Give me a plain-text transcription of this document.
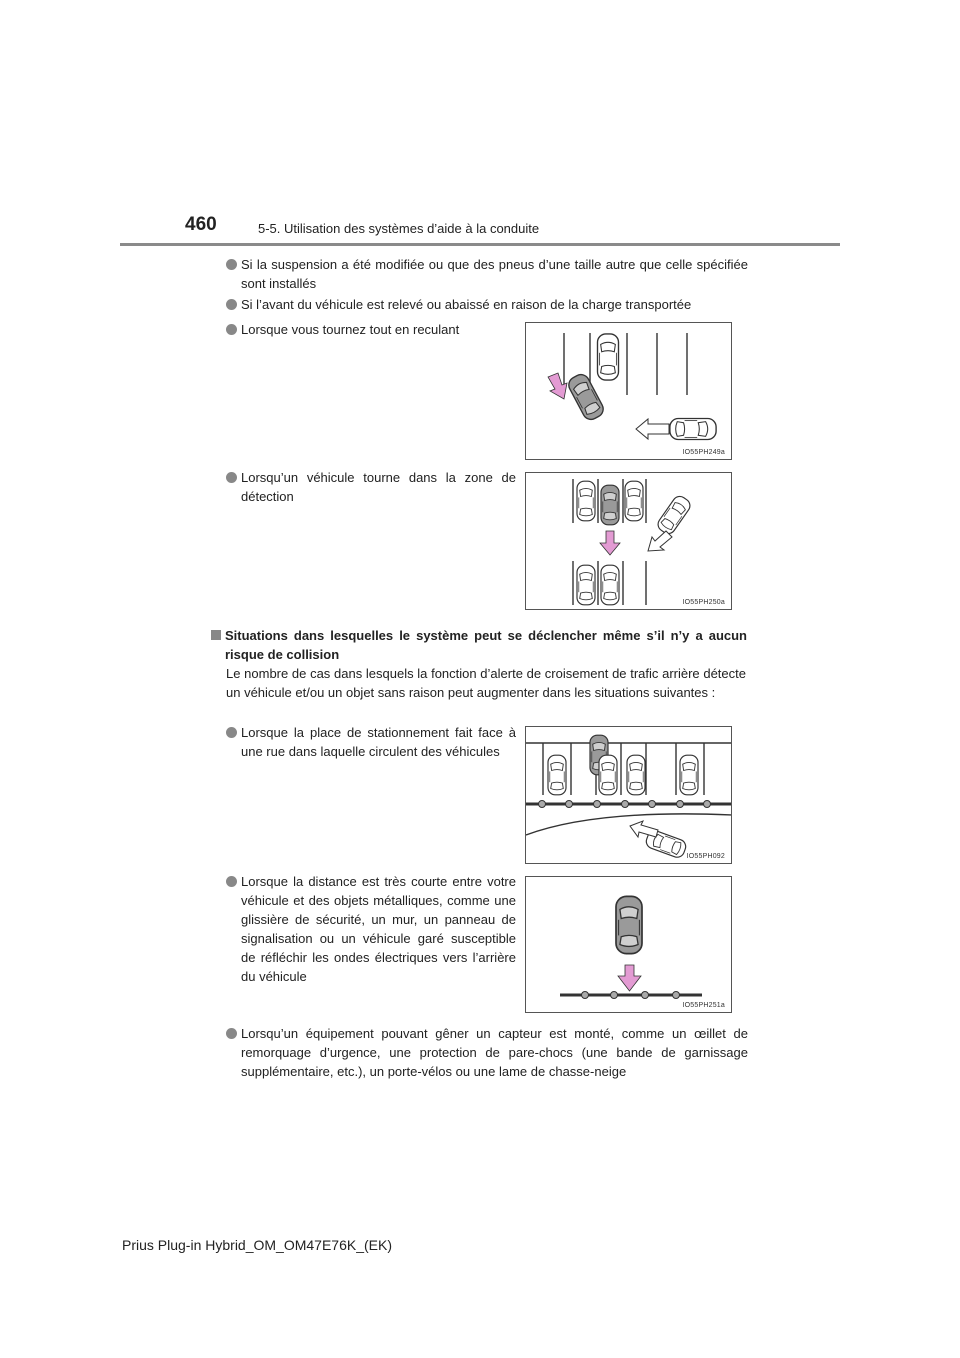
460	5-5. Utilisation des systèmes d’aide à la conduite
Si la suspension a été modifiée ou que des pneus d’une taille autre que celle spécifiée sont installés
Si l’avant du véhicule est relevé ou abaissé en raison de la charge transportée
Lorsque vous tournez tout en reculant
IO55PH249a
Lorsqu’un véhicule tourne dans la zone de détection
IO55PH250a
Situations dans lesquelles le système peut se déclencher même s’il n’y a aucun risque de collision
Le nombre de cas dans lesquels la fonction d’alerte de croisement de trafic arrière détecte un véhicule et/ou un objet sans raison peut augmenter dans les situations suivantes :
Lorsque la place de stationnement fait face à une rue dans laquelle circulent des véhicules
IO55PH092
Lorsque la distance est très courte entre votre véhicule et des objets métalliques, comme une glissière de sécurité, un mur, un panneau de signalisation ou un véhicule garé susceptible de réfléchir les ondes électriques vers l’arrière du véhicule
IO55PH251a
Lorsqu’un équipement pouvant gêner un capteur est monté, comme un œillet de remorquage d’urgence, une protection de pare-chocs (une bande de garnissage supplémentaire, etc.), un porte-vélos ou une lame de chasse-neige
Prius Plug-in Hybrid_OM_OM47E76K_(EK)
